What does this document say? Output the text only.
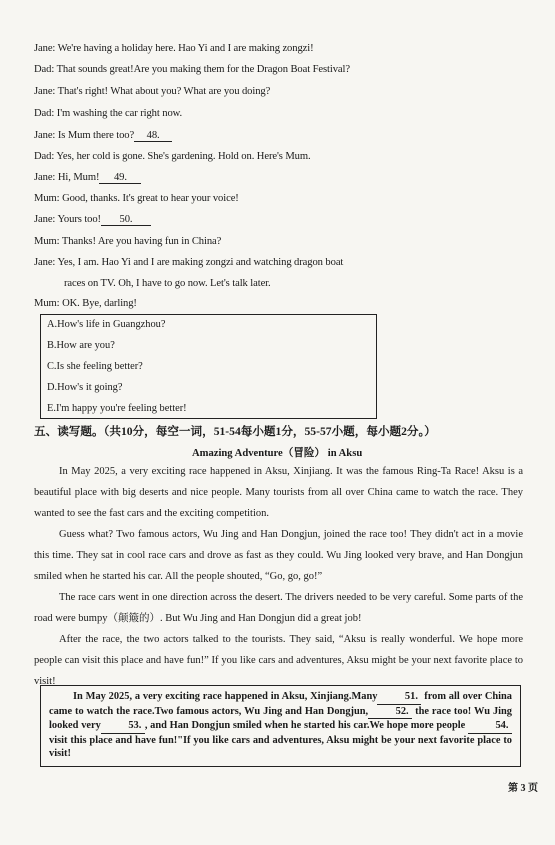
Jane: We're having a holiday here. Hao Yi and I are making zongzi!
Dad: That sounds great!Are you making them for the Dragon Boat Festival?
Jane: That's right! What about you? What are you doing?
Dad: I'm washing the car right now.
Jane: Is Mum there too? 48.
Dad: Yes, her cold is gone. She's gardening. Hold on. Here's Mum.
Jane: Hi, Mum! 49.
Mum: Good, thanks. It's great to hear your voice!
Jane: Yours too! 50.
Mum: Thanks! Are you having fun in China?
Jane: Yes, I am. Hao Yi and I are making zongzi and watching dragon boat
races on TV. Oh, I have to go now. Let's talk later.
Mum: OK. Bye, darling!
A.How's life in Guangzhou?
B.How are you?
C.Is she feeling better?
D.How's it going?
E.I'm happy you're feeling better!
五、读写题。（共10分，每空一词，51-54每小题1分，55-57小题，每小题2分。）
Amazing Adventure（冒险） in Aksu
In May 2025, a very exciting race happened in Aksu, Xinjiang. It was the famous Ring-Ta Race! Aksu is a beautiful place with big deserts and nice people. Many tourists from all over China came to watch the race. They wanted to see the fast cars and the exciting competition.
Guess what? Two famous actors, Wu Jing and Han Dongjun, joined the race too! They didn't act in a movie this time. They sat in cool race cars and drove as fast as they could. Wu Jing looked very brave, and Han Dongjun smiled when he started his car. All the people shouted, “Go, go, go!”
The race cars went in one direction across the desert. The drivers needed to be very careful. Some parts of the road were bumpy（颠簸的）. But Wu Jing and Han Dongjun did a great job!
After the race, the two actors talked to the tourists. They said, “Aksu is really wonderful. We hope more people can visit this place and have fun!” If you like cars and adventures, Aksu might be your next favorite place to visit!
In May 2025, a very exciting race happened in Aksu, Xinjiang.Many	51. from all over China came to watch the race.Two famous actors, Wu Jing and Han Dongjun,	52. the race too! Wu Jing looked very	53. , and Han Dongjun smiled when he started his car.We hope more people	54. visit this place and have fun!"If you like cars and adventures, Aksu might be your next favorite place to visit!
第 3 页
